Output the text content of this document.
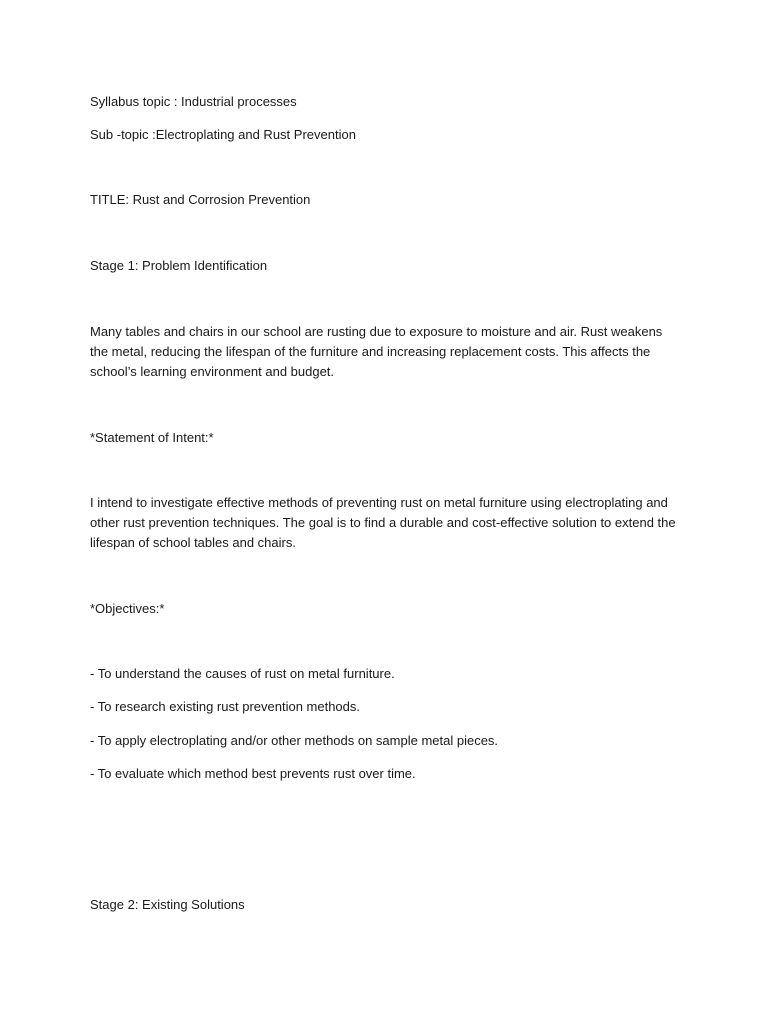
Syllabus topic : Industrial processes
Sub -topic :Electroplating and Rust Prevention
TITLE: Rust and Corrosion Prevention
Stage 1: Problem Identification
Many tables and chairs in our school are rusting due to exposure to moisture and air. Rust weakens the metal, reducing the lifespan of the furniture and increasing replacement costs. This affects the school’s learning environment and budget.
*Statement of Intent:*
I intend to investigate effective methods of preventing rust on metal furniture using electroplating and other rust prevention techniques. The goal is to find a durable and cost-effective solution to extend the lifespan of school tables and chairs.
*Objectives:*
- To understand the causes of rust on metal furniture.
- To research existing rust prevention methods.
- To apply electroplating and/or other methods on sample metal pieces.
- To evaluate which method best prevents rust over time.
Stage 2: Existing Solutions
